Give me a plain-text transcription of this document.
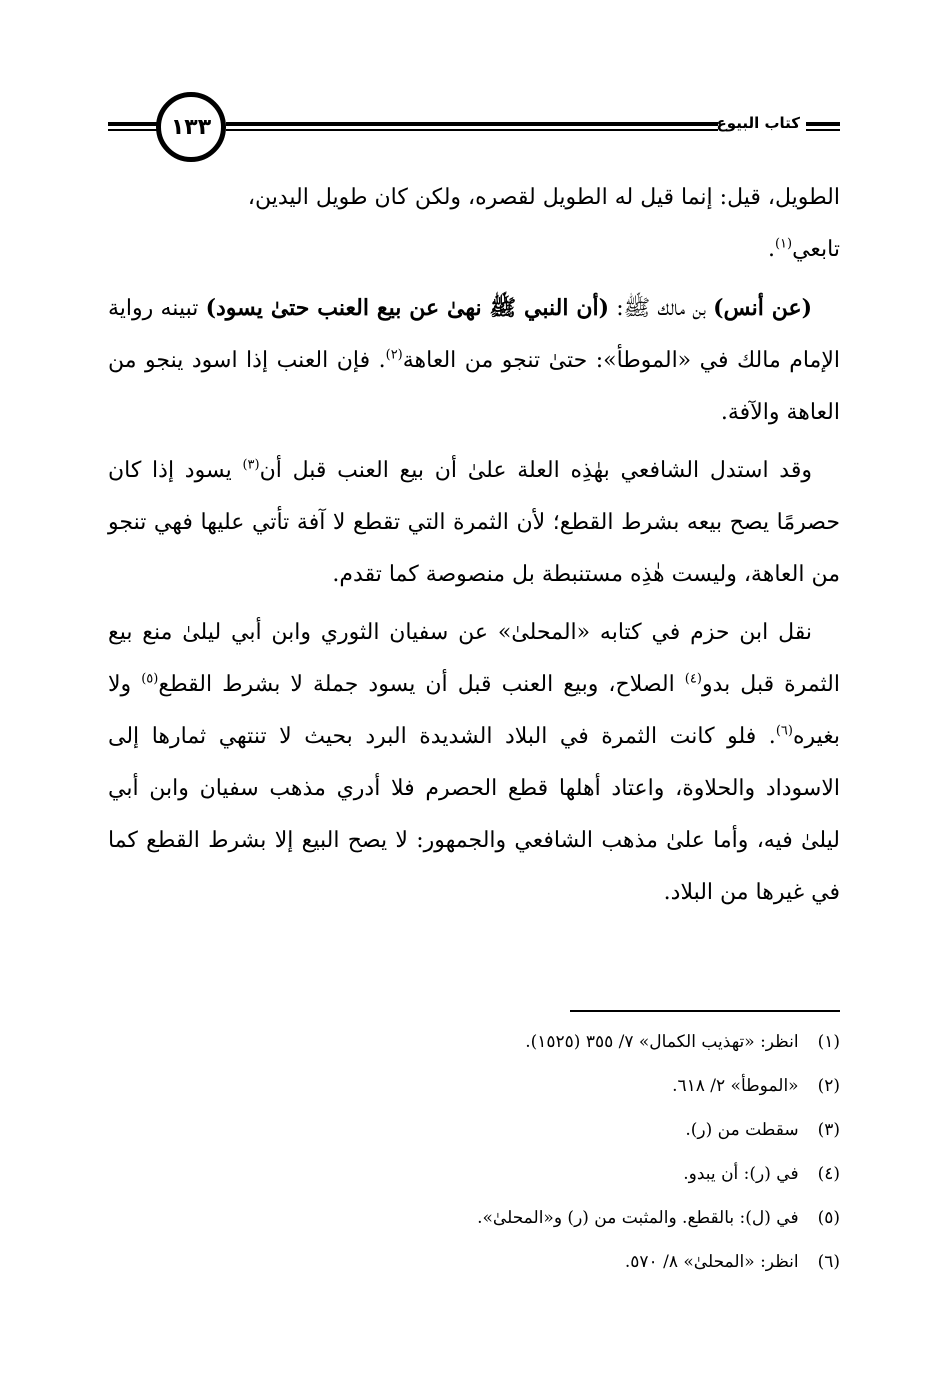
١٣٣	كتاب البيوع

الطويل، قيل: إنما قيل له الطويل لقصره، ولكن كان طويل اليدين،
تابعي$^{(١)}$.

(عن أنس) بن مالك ﷺ: (أن النبي ﷺ نهىٰ عن بيع العنب حتىٰ يسود) تبينه رواية الإمام مالك في «الموطأ»: حتىٰ تنجو من العاهة$^{(٢)}$. فإن العنب إذا اسود ينجو من العاهة والآفة.

وقد استدل الشافعي بهٰذِه العلة علىٰ أن بيع العنب قبل أن$^{(٣)}$ يسود إذا كان حصرمًا يصح بيعه بشرط القطع؛ لأن الثمرة التي تقطع لا آفة تأتي عليها فهي تنجو من العاهة، وليست هٰذِه مستنبطة بل منصوصة كما تقدم.

نقل ابن حزم في كتابه «المحلىٰ» عن سفيان الثوري وابن أبي ليلىٰ منع بيع الثمرة قبل بدو$^{(٤)}$ الصلاح، وبيع العنب قبل أن يسود جملة لا بشرط القطع$^{(٥)}$ ولا بغيره$^{(٦)}$. فلو كانت الثمرة في البلاد الشديدة البرد بحيث لا تنتهي ثمارها إلى الاسوداد والحلاوة، واعتاد أهلها قطع الحصرم فلا أدري مذهب سفيان وابن أبي ليلىٰ فيه، وأما علىٰ مذهب الشافعي والجمهور: لا يصح البيع إلا بشرط القطع كما في غيرها من البلاد.

(١) انظر: «تهذيب الكمال» ٧/ ٣٥٥ (١٥٢٥).
(٢) «الموطأ» ٢/ ٦١٨.
(٣) سقطت من (ر).
(٤) في (ر): أن يبدو.
(٥) في (ل): بالقطع. والمثبت من (ر) و«المحلىٰ».
(٦) انظر: «المحلىٰ» ٨/ ٥٧٠.
